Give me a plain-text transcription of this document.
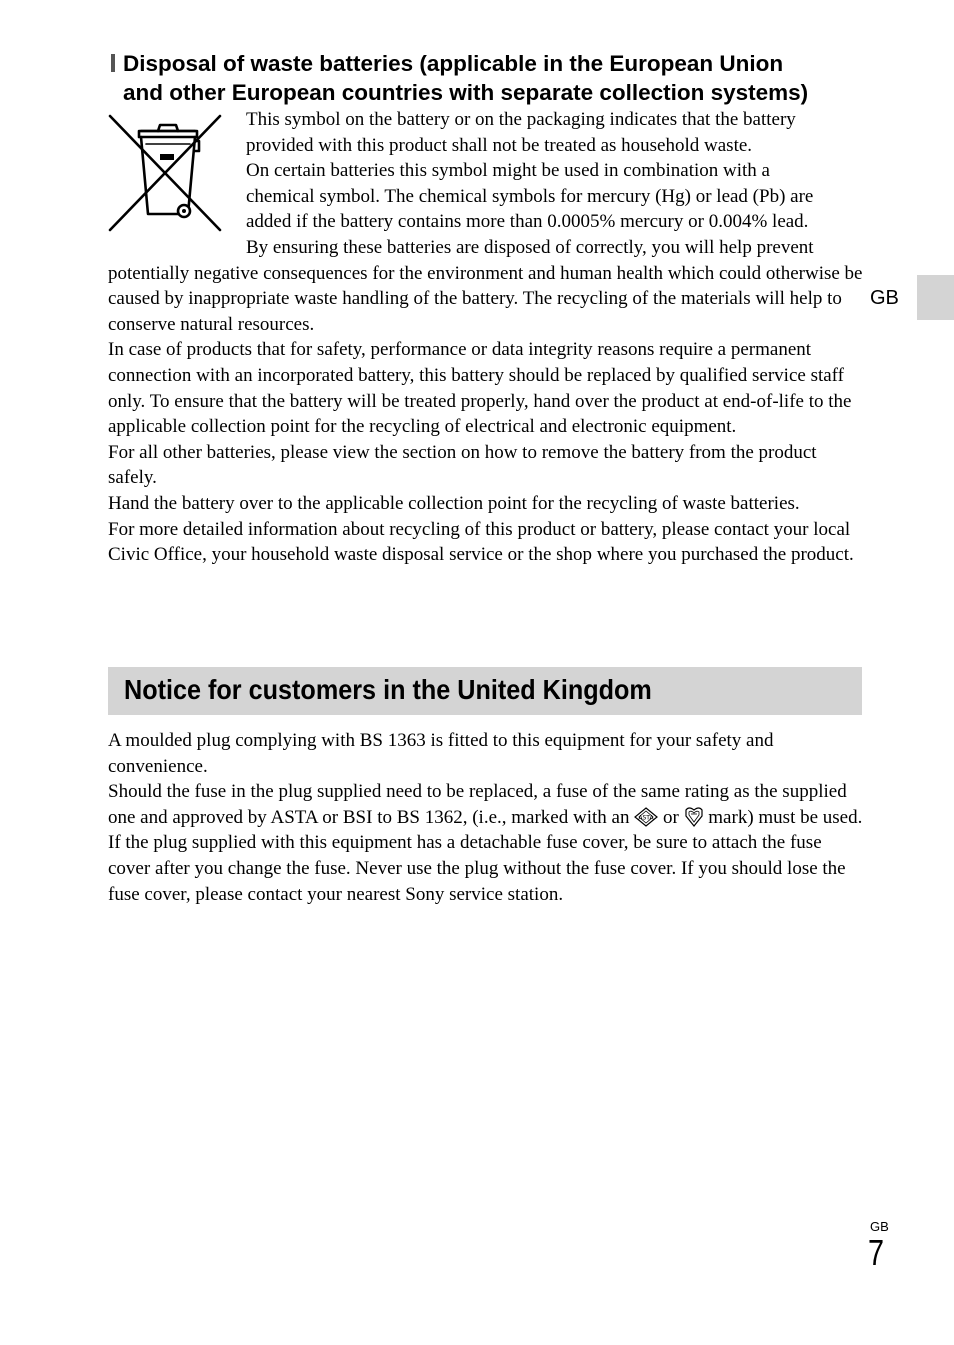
Disposal of waste batteries (applicable in the European Union
and other European countries with separate collection systems)
This symbol on the battery or on the packaging indicates that the battery
provided with this product shall not be treated as household waste.
On certain batteries this symbol might be used in combination with a
chemical symbol. The chemical symbols for mercury (Hg) or lead (Pb) are
added if the battery contains more than 0.0005% mercury or 0.004% lead.
By ensuring these batteries are disposed of correctly, you will help prevent

potentially negative consequences for the environment and human health which could otherwise be caused by inappropriate waste handling of the battery. The recycling of the materials will help to conserve natural resources.

In case of products that for safety, performance or data integrity reasons require a permanent connection with an incorporated battery, this battery should be replaced by qualified service staff only. To ensure that the battery will be treated properly, hand over the product at end-of-life to the applicable collection point for the recycling of electrical and electronic equipment.

For all other batteries, please view the section on how to remove the battery from the product safely.

Hand the battery over to the applicable collection point for the recycling of waste batteries.

For more detailed information about recycling of this product or battery, please contact your local Civic Office, your household waste disposal service or the shop where you purchased the product.

Notice for customers in the United Kingdom

A moulded plug complying with BS 1363 is fitted to this equipment for your safety and convenience.

Should the fuse in the plug supplied need to be replaced, a fuse of the same rating as the supplied one and approved by ASTA or BSI to BS 1362, (i.e., marked with an ASTA or mark) must be used.

If the plug supplied with this equipment has a detachable fuse cover, be sure to attach the fuse cover after you change the fuse. Never use the plug without the fuse cover. If you should lose the fuse cover, please contact your nearest Sony service station.

GB
GB
7
